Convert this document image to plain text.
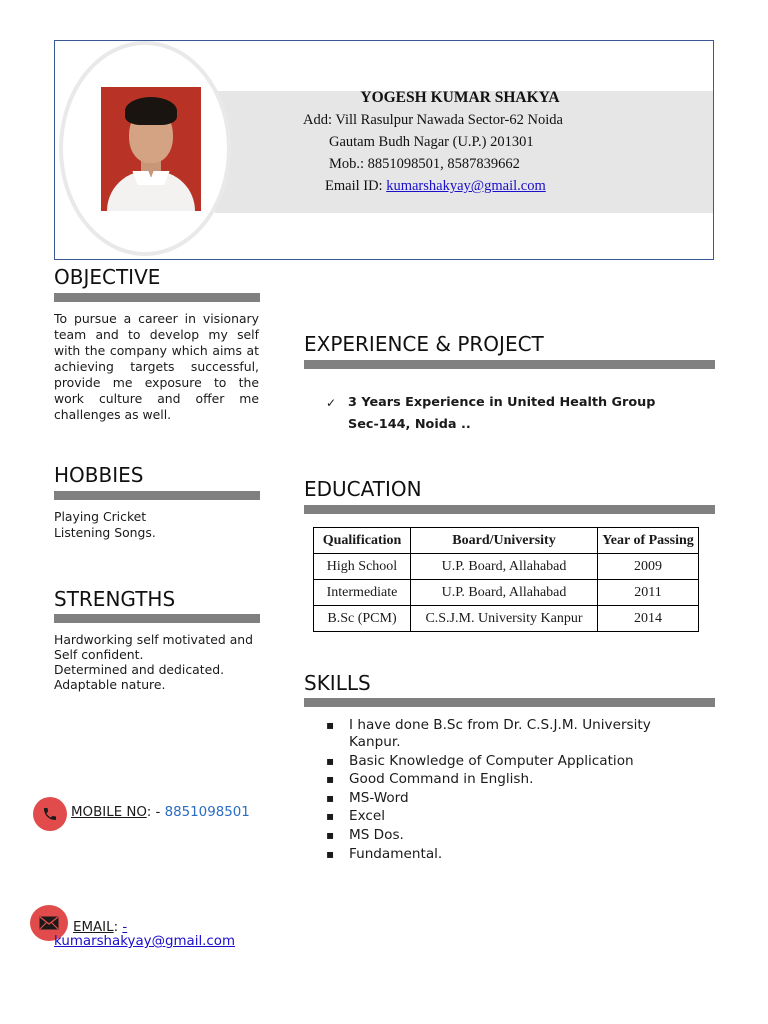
YOGESH KUMAR SHAKYA
Add: Vill Rasulpur Nawada Sector-62 Noida
Gautam Budh Nagar (U.P.) 201301
Mob.: 8851098501, 8587839662
Email ID: kumarshakyay@gmail.com
OBJECTIVE
To pursue a career in visionary team and to develop my self with the company which aims at achieving targets successful, provide me exposure to the work culture and offer me challenges as well.
HOBBIES
Playing Cricket
Listening Songs.
STRENGTHS
Hardworking self motivated and Self confident.
Determined and dedicated.
Adaptable nature.
EXPERIENCE & PROJECT
✓ 3 Years Experience in United Health Group
Sec-144, Noida ..
EDUCATION
Qualification	Board/University	Year of Passing
High School	U.P. Board, Allahabad	2009
Intermediate	U.P. Board, Allahabad	2011
B.Sc (PCM)	C.S.J.M. University Kanpur	2014
SKILLS
▪ I have done B.Sc from Dr. C.S.J.M. University Kanpur.
▪ Basic Knowledge of Computer Application
▪ Good Command in English.
▪ MS-Word
▪ Excel
▪ MS Dos.
▪ Fundamental.
MOBILE NO: - 8851098501
EMAIL: -
kumarshakyay@gmail.com
